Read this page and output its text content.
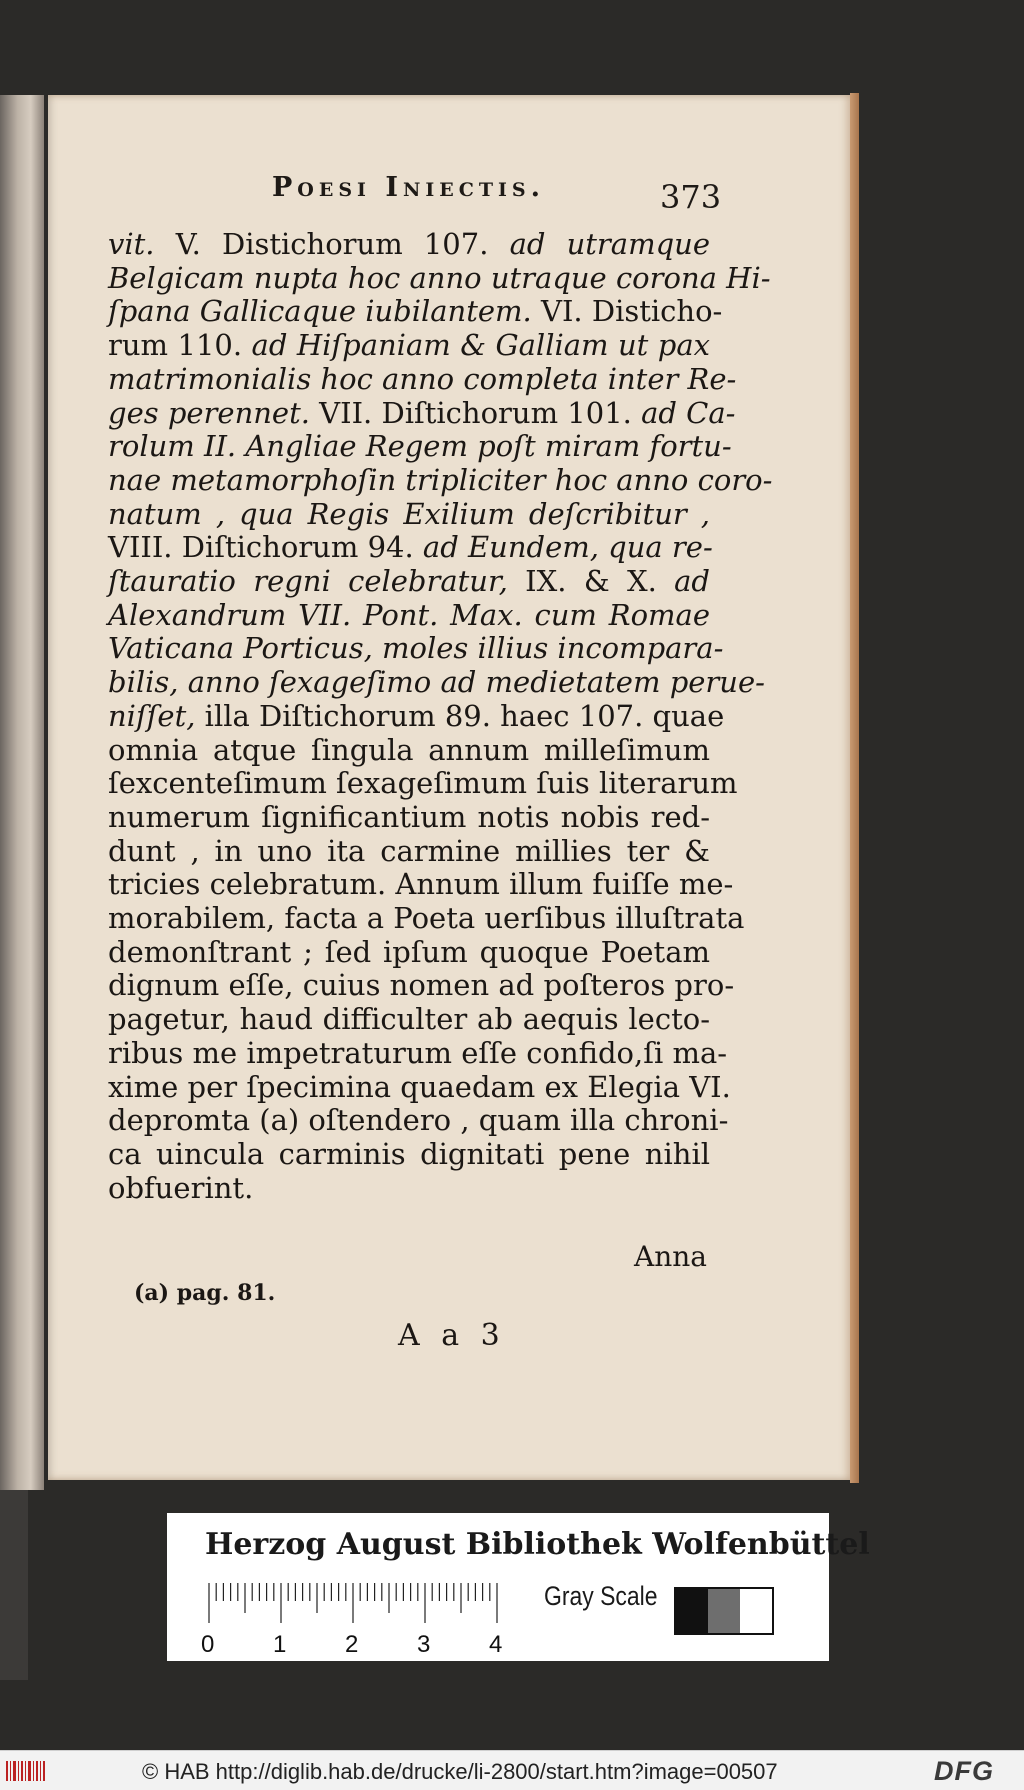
Poesi Iniectis.	373
vit. V. Distichorum 107. ad utramque
Belgicam nupta hoc anno utraque corona Hi-
ſpana Gallicaque iubilantem. VI. Disticho-
rum 110. ad Hiſpaniam & Galliam ut pax
matrimonialis hoc anno completa inter Re-
ges perennet. VII. Diſtichorum 101. ad Ca-
rolum II. Angliae Regem poſt miram fortu-
nae metamorphoſin tripliciter hoc anno coro-
natum , qua Regis Exilium deſcribitur ,
VIII. Diſtichorum 94. ad Eundem, qua re-
ſtauratio regni celebratur, IX. & X. ad
Alexandrum VII. Pont. Max. cum Romae
Vaticana Porticus, moles illius incompara-
bilis, anno ſexageſimo ad medietatem perue-
niſſet, illa Diſtichorum 89. haec 107. quae
omnia atque ſingula annum milleſimum
ſexcenteſimum ſexageſimum ſuis literarum
numerum ſignificantium notis nobis red-
dunt , in uno ita carmine millies ter &
tricies celebratum. Annum illum fuiſſe me-
morabilem, facta a Poeta uerſibus illuſtrata
demonſtrant ; ſed ipſum quoque Poetam
dignum eſſe, cuius nomen ad poſteros pro-
pagetur, haud difficulter ab aequis lecto-
ribus me impetraturum eſſe confido,ſi ma-
xime per ſpecimina quaedam ex Elegia VI.
depromta (a) oſtendero , quam illa chroni-
ca uincula carminis dignitati pene nihil
obfuerint.
Anna
(a) pag. 81.
A a 3
Herzog August Bibliothek Wolfenbüttel
0 1 2 3 4
Gray Scale
© HAB http://diglib.hab.de/drucke/li-2800/start.htm?image=00507	DFG
